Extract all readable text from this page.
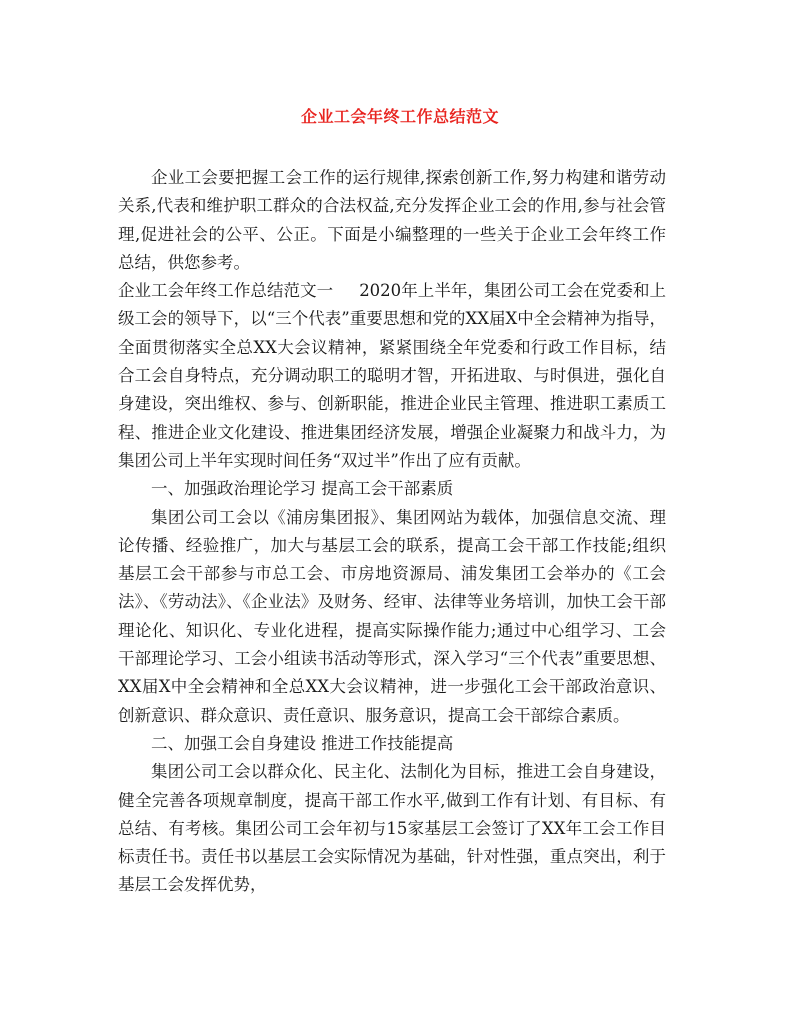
企业工会年终工作总结范文

企业工会要把握工会工作的运行规律,探索创新工作,努力构建和谐劳动关系,代表和维护职工群众的合法权益,充分发挥企业工会的作用,参与社会管理,促进社会的公平、公正。下面是小编整理的一些关于企业工会年终工作总结，供您参考。

企业工会年终工作总结范文一 2020年上半年，集团公司工会在党委和上级工会的领导下，以“三个代表”重要思想和党的XX届X中全会精神为指导，全面贯彻落实全总XX大会议精神，紧紧围绕全年党委和行政工作目标，结合工会自身特点，充分调动职工的聪明才智，开拓进取、与时俱进，强化自身建设，突出维权、参与、创新职能，推进企业民主管理、推进职工素质工程、推进企业文化建设、推进集团经济发展，增强企业凝聚力和战斗力，为集团公司上半年实现时间任务“双过半”作出了应有贡献。

一、加强政治理论学习 提高工会干部素质

集团公司工会以《浦房集团报》、集团网站为载体，加强信息交流、理论传播、经验推广，加大与基层工会的联系，提高工会干部工作技能;组织基层工会干部参与市总工会、市房地资源局、浦发集团工会举办的《工会法》、《劳动法》、《企业法》及财务、经审、法律等业务培训，加快工会干部理论化、知识化、专业化进程，提高实际操作能力;通过中心组学习、工会干部理论学习、工会小组读书活动等形式，深入学习“三个代表”重要思想、XX届X中全会精神和全总XX大会议精神，进一步强化工会干部政治意识、创新意识、群众意识、责任意识、服务意识，提高工会干部综合素质。

二、加强工会自身建设 推进工作技能提高

集团公司工会以群众化、民主化、法制化为目标，推进工会自身建设，健全完善各项规章制度，提高干部工作水平,做到工作有计划、有目标、有总结、有考核。集团公司工会年初与15家基层工会签订了XX年工会工作目标责任书。责任书以基层工会实际情况为基础，针对性强，重点突出，利于基层工会发挥优势，
